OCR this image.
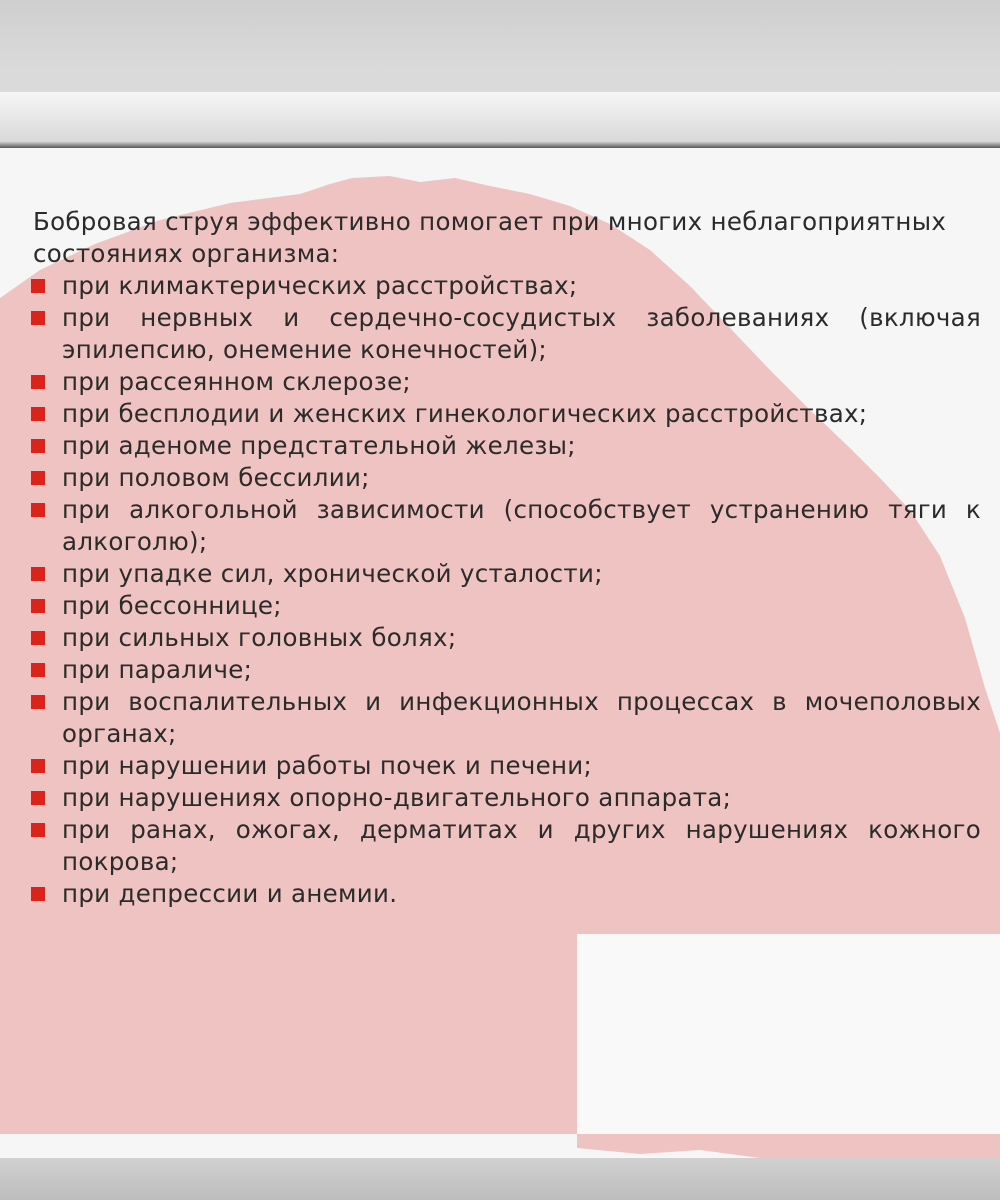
Бобровая струя эффективно помогает при многих неблагоприятных состояниях организма:
при климактерических расстройствах;
при нервных и сердечно-сосудистых заболеваниях (включая эпилепсию, онемение конечностей);
при рассеянном склерозе;
при бесплодии и женских гинекологических расстройствах;
при аденоме предстательной железы;
при половом бессилии;
при алкогольной зависимости (способствует устранению тяги к алкоголю);
при упадке сил, хронической усталости;
при бессоннице;
при сильных головных болях;
при параличе;
при воспалительных и инфекционных процессах в мочеполовых органах;
при нарушении работы почек и печени;
при нарушениях опорно-двигательного аппарата;
при ранах, ожогах, дерматитах и других нарушениях кожного покрова;
при депрессии и анемии.
